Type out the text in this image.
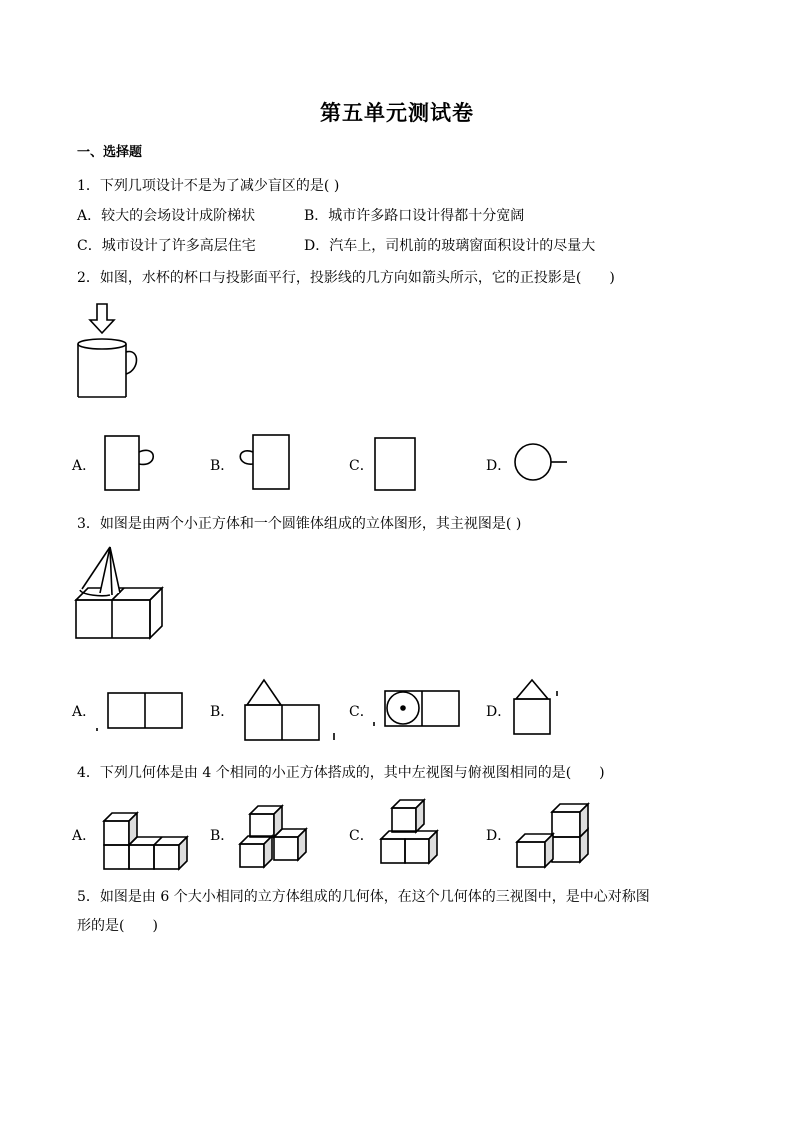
第五单元测试卷
一、选择题
1．下列几项设计不是为了减少盲区的是( )
A．较大的会场设计成阶梯状	B．城市许多路口设计得都十分宽阔
C．城市设计了许多高层住宅	D．汽车上，司机前的玻璃窗面积设计的尽量大
2．如图，水杯的杯口与投影面平行，投影线的几方向如箭头所示，它的正投影是(　　)
A．	B．	C．	D．
3．如图是由两个小正方体和一个圆锥体组成的立体图形，其主视图是( )
A．	B．	C．	D．
4．下列几何体是由 4 个相同的小正方体搭成的，其中左视图与俯视图相同的是(　　)
A．	B．	C．	D．
5．如图是由 6 个大小相同的立方体组成的几何体，在这个几何体的三视图中，是中心对称图
形的是(　　)
